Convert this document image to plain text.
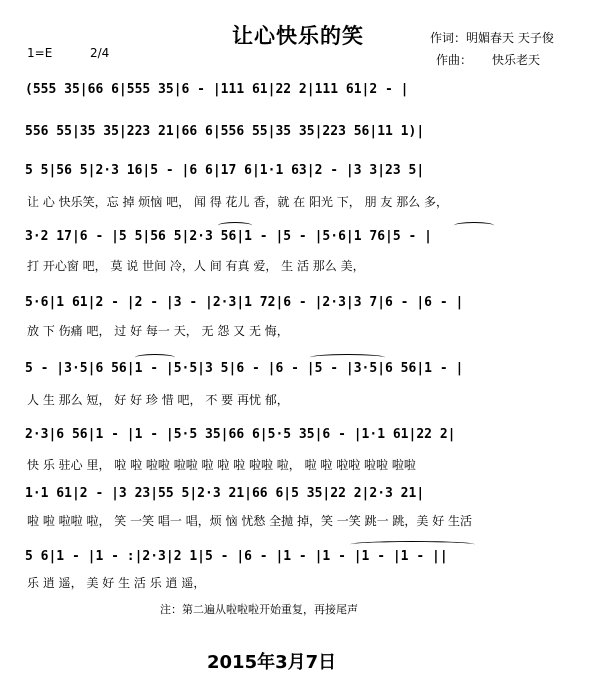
让心快乐的笑	作词：明媚春天 天子俊
作曲： 快乐老天
1=E	2/4
(555 35|66 6|555 35|6 - |111 61|22 2|111 61|2 - |
556 55|35 35|223 21|66 6|556 55|35 35|223 56|11 1)|
5 5|56 5|2·3 16|5 - |6 6|17 6|1·1 63|2 - |3 3|23 5|
让 心 快乐笑，忘 掉 烦恼 吧， 闻 得 花儿 香，就 在 阳光 下， 朋 友 那么 多，
3·2 17|6 - |5 5|56 5|2·3 56|1 - |5 - |5·6|1 76|5 - |
打 开心窗 吧， 莫 说 世间 冷，人 间 有真 爱， 生 活 那么 美，
5·6|1 61|2 - |2 - |3 - |2·3|1 72|6 - |2·3|3 7|6 - |6 - |
放 下 伤痛 吧， 过 好 每一 天， 无 怨 又 无 悔，
5 - |3·5|6 56|1 - |5·5|3 5|6 - |6 - |5 - |3·5|6 56|1 - |
人 生 那么 短， 好 好 珍 惜 吧， 不 要 再忧 郁，
2·3|6 56|1 - |1 - |5·5 35|66 6|5·5 35|6 - |1·1 61|22 2|
快 乐 驻心 里， 啦 啦 啦啦 啦啦 啦 啦 啦 啦啦 啦， 啦 啦 啦啦 啦啦 啦啦
1·1 61|2 - |3 23|55 5|2·3 21|66 6|5 35|22 2|2·3 21|
啦 啦 啦啦 啦， 笑 一笑 唱一 唱，烦 恼 忧愁 全抛 掉，笑 一笑 跳一 跳，美 好 生活
5 6|1 - |1 - :|2·3|2 1|5 - |6 - |1 - |1 - |1 - |1 - ||
乐 逍 遥， 美 好 生 活 乐 逍 遥，
注：第二遍从啦啦啦开始重复，再接尾声
2015年3月7日
